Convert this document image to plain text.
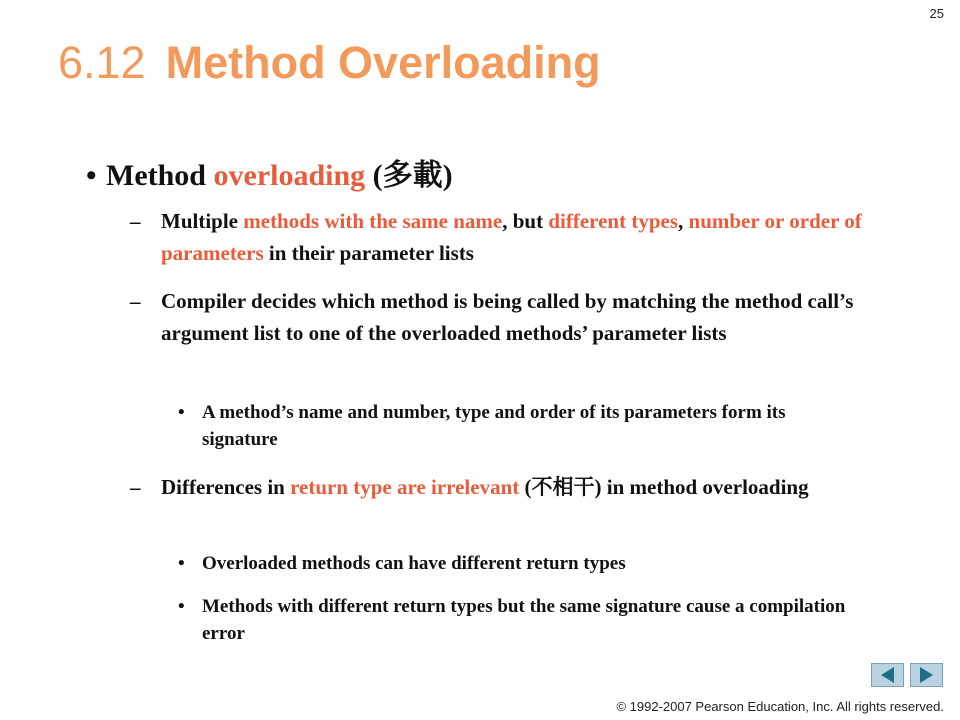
25
6.12 Method Overloading
• Method overloading (多載)
– Multiple methods with the same name, but different types, number or order of parameters in their parameter lists
– Compiler decides which method is being called by matching the method call’s argument list to one of the overloaded methods’ parameter lists
• A method’s name and number, type and order of its parameters form its signature
– Differences in return type are irrelevant (不相干) in method overloading
• Overloaded methods can have different return types
• Methods with different return types but the same signature cause a compilation error
© 1992-2007 Pearson Education, Inc. All rights reserved.
